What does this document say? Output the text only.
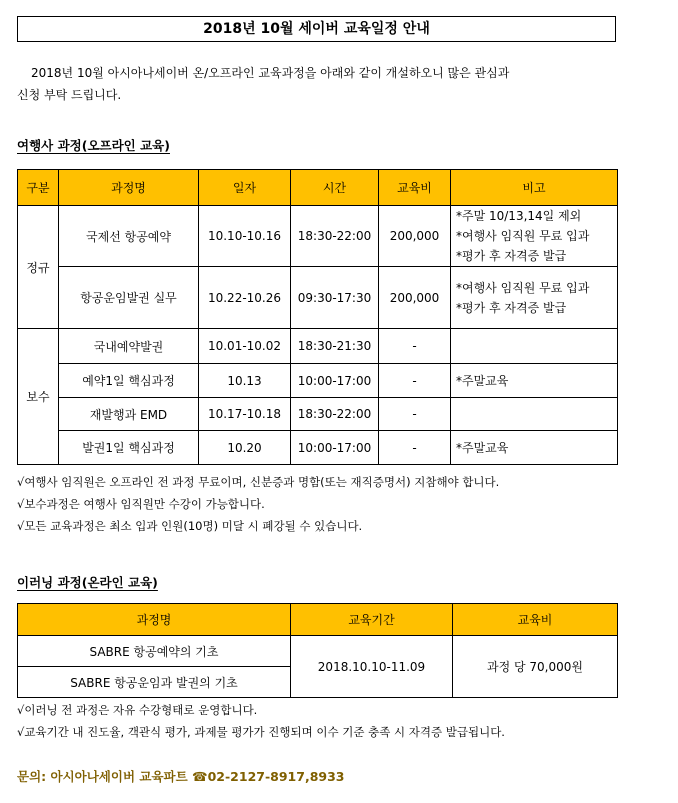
2018년 10월 세이버 교육일정 안내
2018년 10월 아시아나세이버 온/오프라인 교육과정을 아래와 같이 개설하오니 많은 관심과
신청 부탁 드립니다.
여행사 과정(오프라인 교육)
구분	과정명	일자	시간	교육비	비고
정규	국제선 항공예약	10.10-10.16	18:30-22:00	200,000	*주말 10/13,14일 제외
*여행사 임직원 무료 입과
*평가 후 자격증 발급

	항공운임발권 실무	10.22-10.26	09:30-17:30	200,000	*여행사 임직원 무료 입과
*평가 후 자격증 발급

보수	국내예약발권	10.01-10.02	18:30-21:30	-	
	예약1일 핵심과정	10.13	10:00-17:00	-	*주말교육
	재발행과 EMD	10.17-10.18	18:30-22:00	-	
	발권1일 핵심과정	10.20	10:00-17:00	-	*주말교육
√여행사 임직원은 오프라인 전 과정 무료이며, 신분증과 명함(또는 재직증명서) 지참해야 합니다.
√보수과정은 여행사 임직원만 수강이 가능합니다.
√모든 교육과정은 최소 입과 인원(10명) 미달 시 폐강될 수 있습니다.
이러닝 과정(온라인 교육)
과정명	교육기간	교육비
SABRE 항공예약의 기초	2018.10.10-11.09	과정 당 70,000원
SABRE 항공운임과 발권의 기초		
√이러닝 전 과정은 자유 수강형태로 운영합니다.
√교육기간 내 진도율, 객관식 평가, 과제물 평가가 진행되며 이수 기준 충족 시 자격증 발급됩니다.
문의: 아시아나세이버 교육파트 ☎02-2127-8917,8933
